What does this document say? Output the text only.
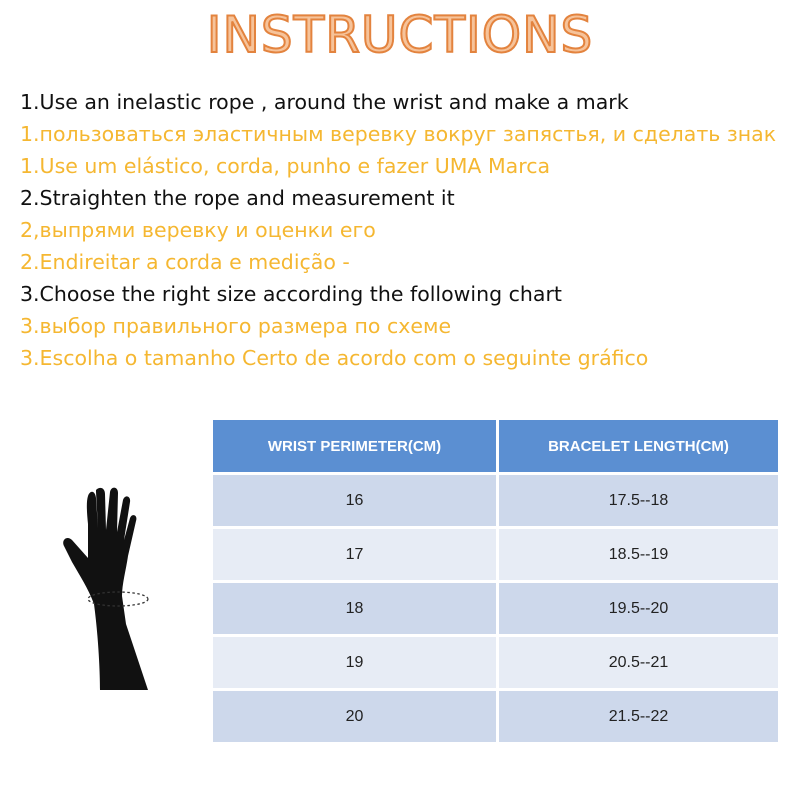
INSTRUCTIONS
1.Use an inelastic rope , around the wrist and make a mark
1.пользоваться эластичным веревку вокруг запястья, и сделать знак
1.Use um elástico, corda, punho e fazer UMA Marca
2.Straighten the rope and measurement it
2,выпрями веревку и оценки его
2.Endireitar a corda e medição -
3.Choose the right size according the following chart
3.выбор правильного размера по схеме
3.Escolha o tamanho Certo de acordo com o seguinte gráfico
WRIST PERIMETER(CM)	BRACELET LENGTH(CM)
16	17.5--18
17	18.5--19
18	19.5--20
19	20.5--21
20	21.5--22
